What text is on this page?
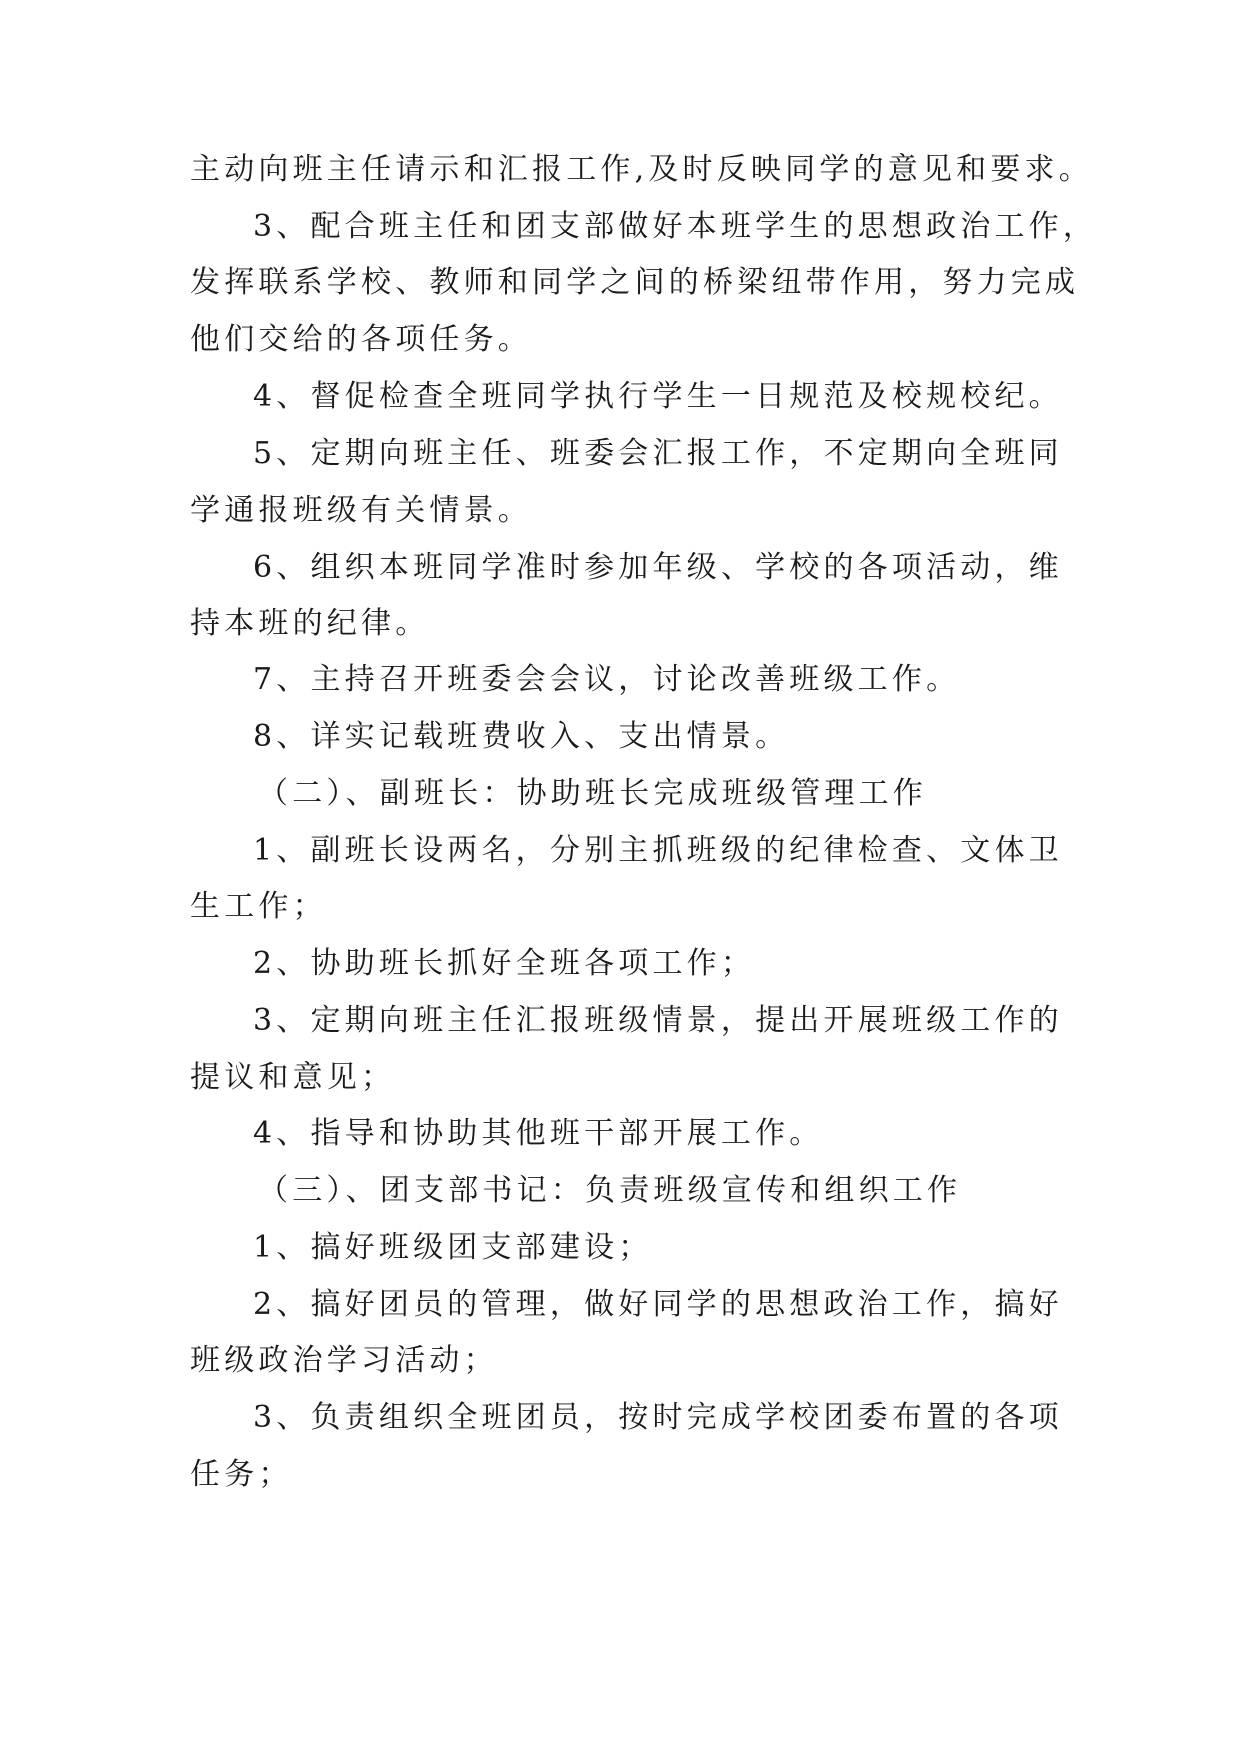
主动向班主任请示和汇报工作,及时反映同学的意见和要求。
3、配合班主任和团支部做好本班学生的思想政治工作，
发挥联系学校、教师和同学之间的桥梁纽带作用，努力完成
他们交给的各项任务。
4、督促检查全班同学执行学生一日规范及校规校纪。
5、定期向班主任、班委会汇报工作，不定期向全班同
学通报班级有关情景。
6、组织本班同学准时参加年级、学校的各项活动，维
持本班的纪律。
7、主持召开班委会会议，讨论改善班级工作。
8、详实记载班费收入、支出情景。
（二）、副班长：协助班长完成班级管理工作
1、副班长设两名，分别主抓班级的纪律检查、文体卫
生工作；
2、协助班长抓好全班各项工作；
3、定期向班主任汇报班级情景，提出开展班级工作的
提议和意见；
4、指导和协助其他班干部开展工作。
（三）、团支部书记：负责班级宣传和组织工作
1、搞好班级团支部建设；
2、搞好团员的管理，做好同学的思想政治工作，搞好
班级政治学习活动；
3、负责组织全班团员，按时完成学校团委布置的各项
任务；
